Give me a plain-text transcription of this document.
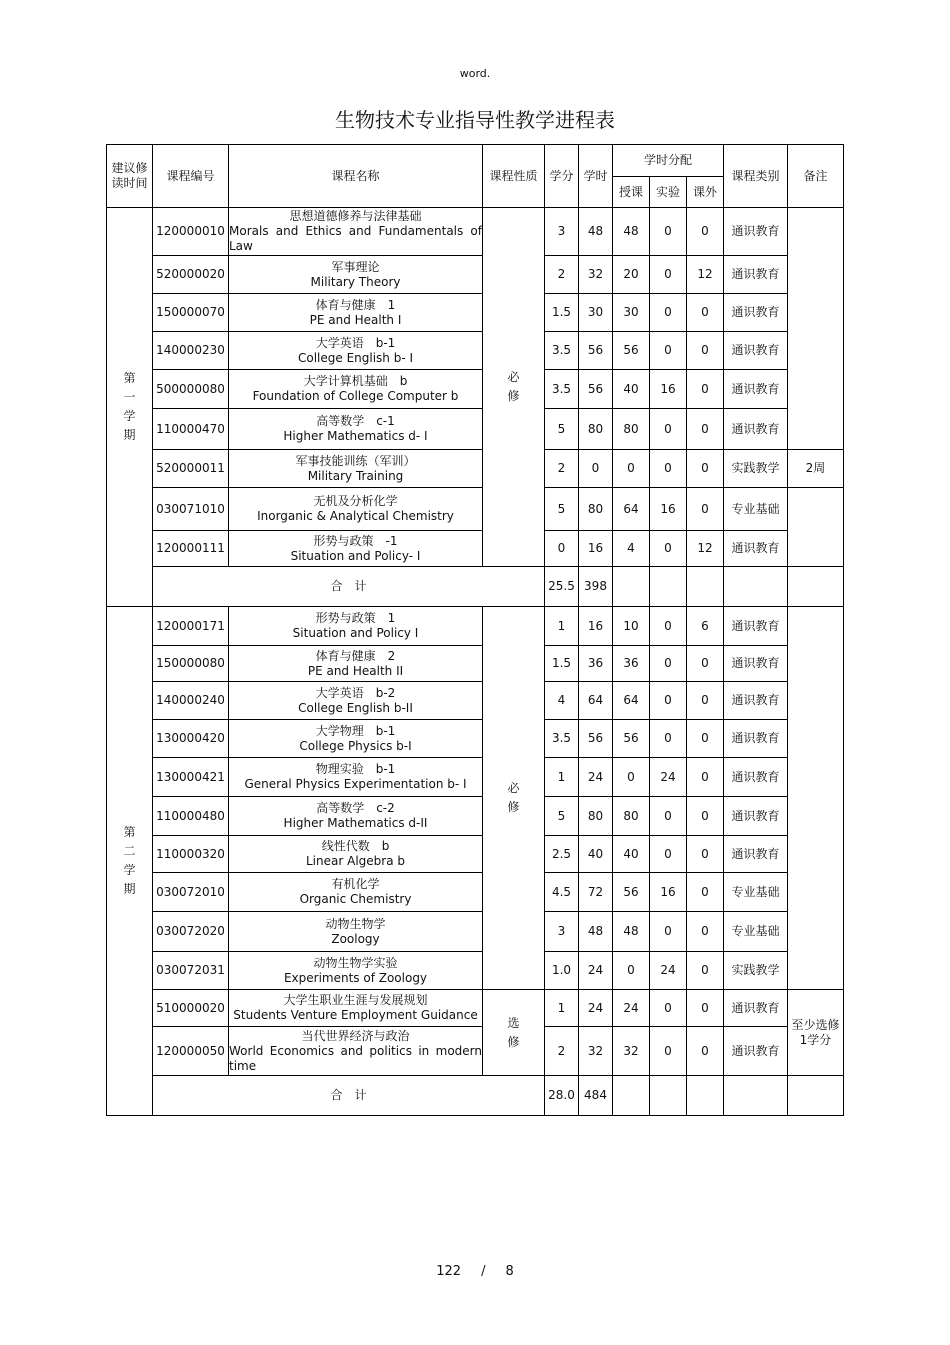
word.
生物技术专业指导性教学进程表
建议修读时间	课程编号	课程名称	课程性质	学分	学时	学时分配			课程类别	备注
						授课	实验	课外		

第一学期	120000010	思想道德修养与法律基础
Morals and Ethics and Fundamentals of Law	必修	3	48	48	0	0	通识教育	
	520000020	军事理论
Military Theory		2	32	20	0	12	通识教育	
	150000070	体育与健康　1
PE and Health I		1.5	30	30	0	0	通识教育	
	140000230	大学英语　b-1
College English b- I		3.5	56	56	0	0	通识教育	
	500000080	大学计算机基础　b
Foundation of College Computer b		3.5	56	40	16	0	通识教育	
	110000470	高等数学　c-1
Higher Mathematics d- I		5	80	80	0	0	通识教育	
	520000011	军事技能训练（军训）
Military Training		2	0	0	0	0	实践教学	2周
	030071010	无机及分析化学
Inorganic & Analytical Chemistry		5	80	64	16	0	专业基础	
	120000111	形势与政策　-1
Situation and Policy- I		0	16	4	0	12	通识教育	
	合　计			25.5	398					

第二学期	120000171	形势与政策　1
Situation and Policy I	必修	1	16	10	0	6	通识教育	
	150000080	体育与健康　2
PE and Health II		1.5	36	36	0	0	通识教育	
	140000240	大学英语　b-2
College English b-II		4	64	64	0	0	通识教育	
	130000420	大学物理　b-1
College Physics b-I		3.5	56	56	0	0	通识教育	
	130000421	物理实验　b-1
General Physics Experimentation b- I		1	24	0	24	0	通识教育	
	110000480	高等数学　c-2
Higher Mathematics d-II		5	80	80	0	0	通识教育	
	110000320	线性代数　b
Linear Algebra b		2.5	40	40	0	0	通识教育	
	030072010	有机化学
Organic Chemistry		4.5	72	56	16	0	专业基础	
	030072020	动物生物学
Zoology		3	48	48	0	0	专业基础	
	030072031	动物生物学实验
Experiments of Zoology		1.0	24	0	24	0	实践教学	
	510000020	大学生职业生涯与发展规划
Students Venture Employment Guidance	选修	1	24	24	0	0	通识教育	至少选修1学分
	120000050	当代世界经济与政治
World Economics and politics in modern time		2	32	32	0	0	通识教育	
	合　计			28.0	484					
122 / 8
